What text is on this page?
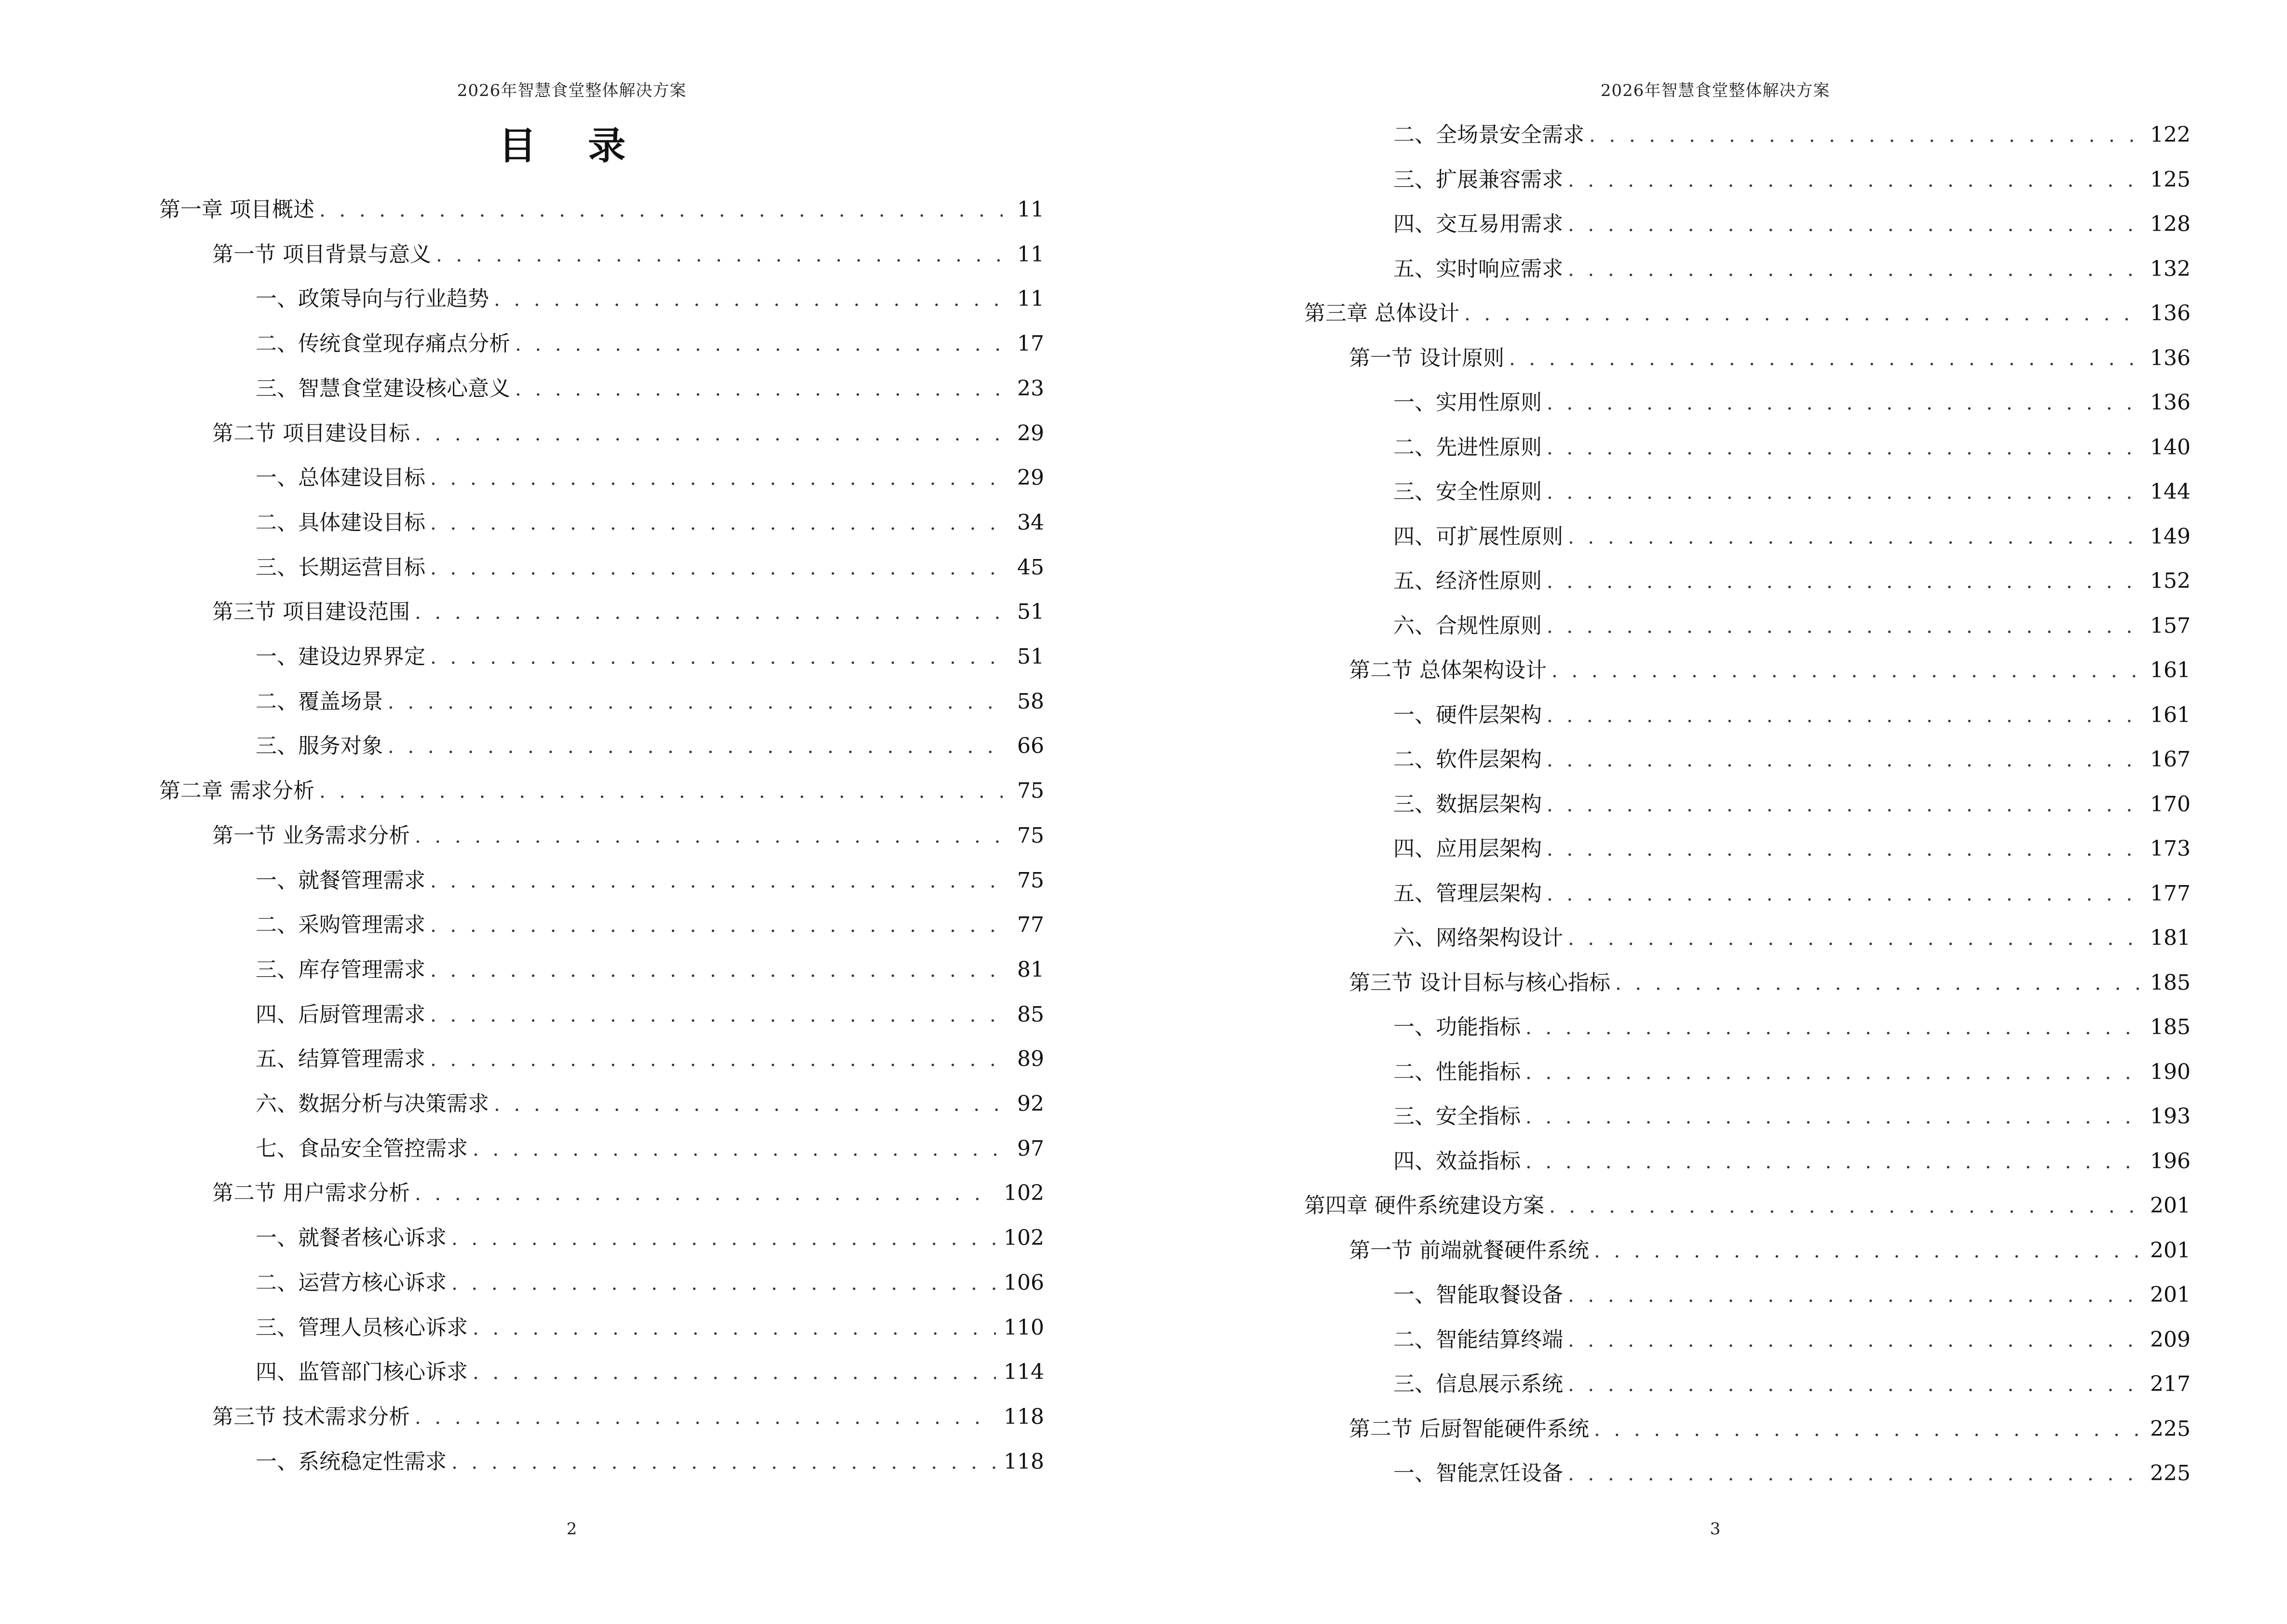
2026年智慧食堂整体解决方案
目 录
第一章 项目概述 . . .	11
第一节 项目背景与意义 . . .	11
一、政策导向与行业趋势 . . .	11
二、传统食堂现存痛点分析 . . .	17
三、智慧食堂建设核心意义 . . .	23
第二节 项目建设目标 . . .	29
一、总体建设目标 . . .	29
二、具体建设目标 . . .	34
三、长期运营目标 . . .	45
第三节 项目建设范围 . . .	51
一、建设边界界定 . . .	51
二、覆盖场景 . . .	58
三、服务对象 . . .	66
第二章 需求分析 . . .	75
第一节 业务需求分析 . . .	75
一、就餐管理需求 . . .	75
二、采购管理需求 . . .	77
三、库存管理需求 . . .	81
四、后厨管理需求 . . .	85
五、结算管理需求 . . .	89
六、数据分析与决策需求 . . .	92
七、食品安全管控需求 . . .	97
第二节 用户需求分析 . . .	102
一、就餐者核心诉求 . . .	102
二、运营方核心诉求 . . .	106
三、管理人员核心诉求 . . .	110
四、监管部门核心诉求 . . .	114
第三节 技术需求分析 . . .	118
一、系统稳定性需求 . . .	118
2
2026年智慧食堂整体解决方案
二、全场景安全需求 . . .	122
三、扩展兼容需求 . . .	125
四、交互易用需求 . . .	128
五、实时响应需求 . . .	132
第三章 总体设计 . . .	136
第一节 设计原则 . . .	136
一、实用性原则 . . .	136
二、先进性原则 . . .	140
三、安全性原则 . . .	144
四、可扩展性原则 . . .	149
五、经济性原则 . . .	152
六、合规性原则 . . .	157
第二节 总体架构设计 . . .	161
一、硬件层架构 . . .	161
二、软件层架构 . . .	167
三、数据层架构 . . .	170
四、应用层架构 . . .	173
五、管理层架构 . . .	177
六、网络架构设计 . . .	181
第三节 设计目标与核心指标 . . .	185
一、功能指标 . . .	185
二、性能指标 . . .	190
三、安全指标 . . .	193
四、效益指标 . . .	196
第四章 硬件系统建设方案 . . .	201
第一节 前端就餐硬件系统 . . .	201
一、智能取餐设备 . . .	201
二、智能结算终端 . . .	209
三、信息展示系统 . . .	217
第二节 后厨智能硬件系统 . . .	225
一、智能烹饪设备 . . .	225
3
